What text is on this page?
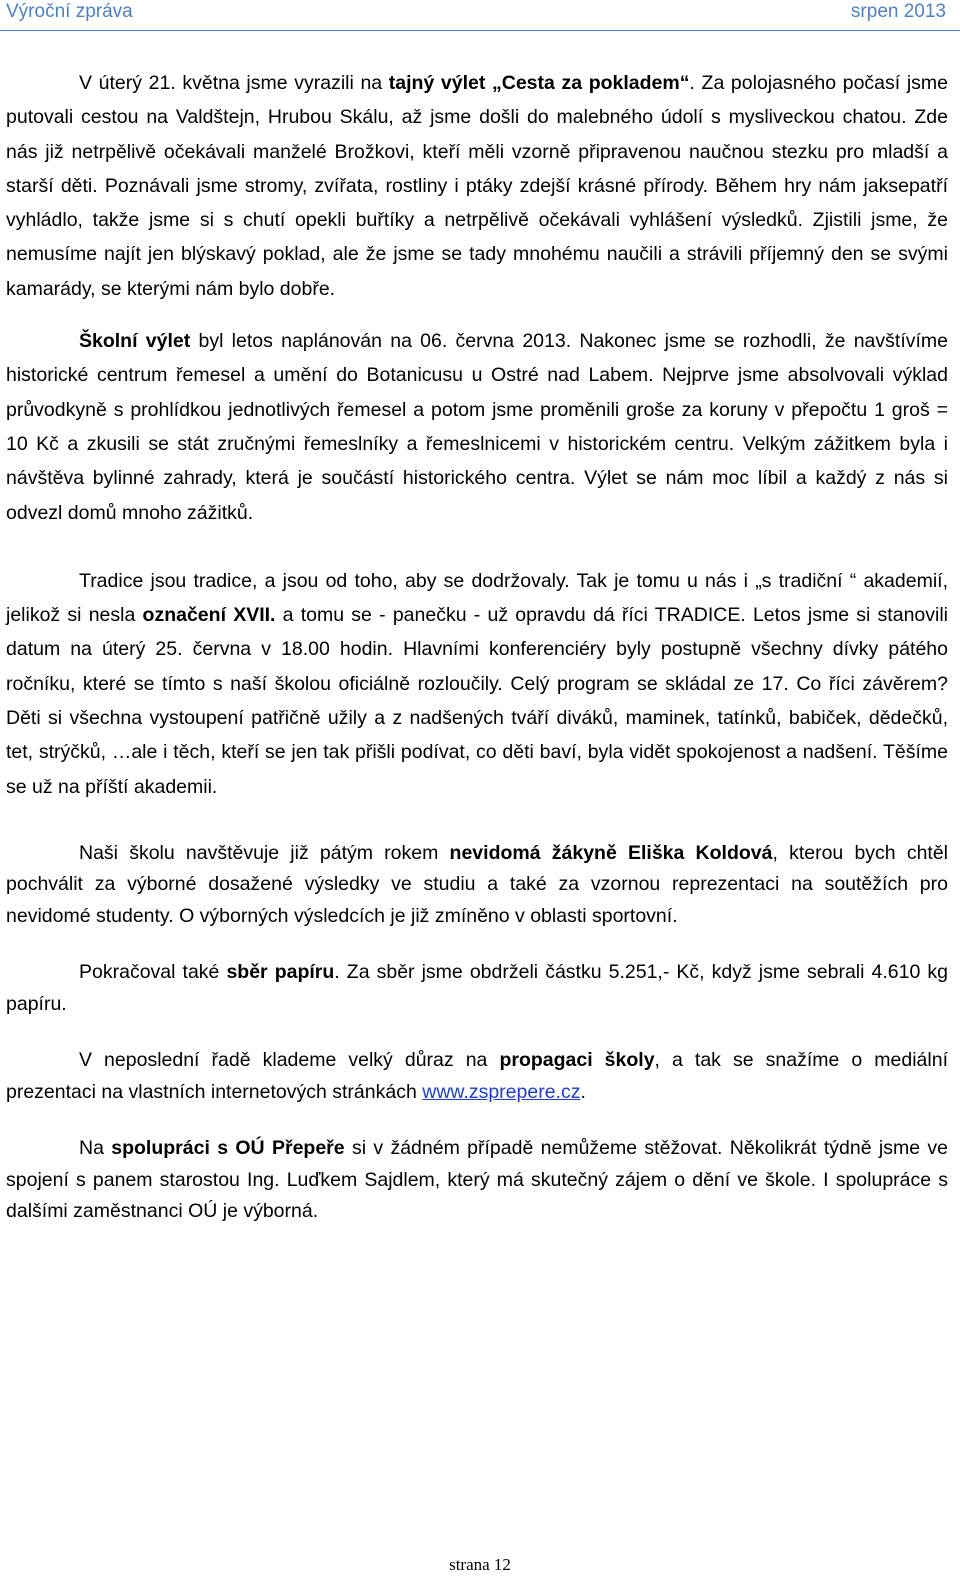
Výroční zpráva	srpen 2013

V úterý 21. května jsme vyrazili na tajný výlet „Cesta za pokladem“. Za polojasného počasí jsme putovali cestou na Valdštejn, Hrubou Skálu, až jsme došli do malebného údolí s mysliveckou chatou. Zde nás již netrpělivě očekávali manželé Brožkovi, kteří měli vzorně připravenou naučnou stezku pro mladší a starší děti. Poznávali jsme stromy, zvířata, rostliny i ptáky zdejší krásné přírody. Během hry nám jaksepatří vyhládlo, takže jsme si s chutí opekli buřtíky a netrpělivě očekávali vyhlášení výsledků. Zjistili jsme, že nemusíme najít jen blýskavý poklad, ale že jsme se tady mnohému naučili a strávili příjemný den se svými kamarády, se kterými nám bylo dobře.

Školní výlet byl letos naplánován na 06. června 2013. Nakonec jsme se rozhodli, že navštívíme historické centrum řemesel a umění do Botanicusu u Ostré nad Labem. Nejprve jsme absolvovali výklad průvodkyně s prohlídkou jednotlivých řemesel a potom jsme proměnili groše za koruny v přepočtu 1 groš = 10 Kč a zkusili se stát zručnými řemeslníky a řemeslnicemi v historickém centru. Velkým zážitkem byla i návštěva bylinné zahrady, která je součástí historického centra. Výlet se nám moc líbil a každý z nás si odvezl domů mnoho zážitků.

Tradice jsou tradice, a jsou od toho, aby se dodržovaly. Tak je tomu u nás i „s tradiční “ akademií, jelikož si nesla označení XVII. a tomu se - panečku - už opravdu dá říci TRADICE. Letos jsme si stanovili datum na úterý 25. června v 18.00 hodin. Hlavními konferenciéry byly postupně všechny dívky pátého ročníku, které se tímto s naší školou oficiálně rozloučily. Celý program se skládal ze 17. Co říci závěrem? Děti si všechna vystoupení patřičně užily a z nadšených tváří diváků, maminek, tatínků, babiček, dědečků, tet, strýčků, …ale i těch, kteří se jen tak přišli podívat, co děti baví, byla vidět spokojenost a nadšení. Těšíme se už na příští akademii.

Naši školu navštěvuje již pátým rokem nevidomá žákyně Eliška Koldová, kterou bych chtěl pochválit za výborné dosažené výsledky ve studiu a také za vzornou reprezentaci na soutěžích pro nevidomé studenty. O výborných výsledcích je již zmíněno v oblasti sportovní.

Pokračoval také sběr papíru. Za sběr jsme obdrželi částku 5.251,- Kč, když jsme sebrali 4.610 kg papíru.

V neposlední řadě klademe velký důraz na propagaci školy, a tak se snažíme o mediální prezentaci na vlastních internetových stránkách www.zsprepere.cz.

Na spolupráci s OÚ Přepeře si v žádném případě nemůžeme stěžovat. Několikrát týdně jsme ve spojení s panem starostou Ing. Luďkem Sajdlem, který má skutečný zájem o dění ve škole. I spolupráce s dalšími zaměstnanci OÚ je výborná.

strana 12
